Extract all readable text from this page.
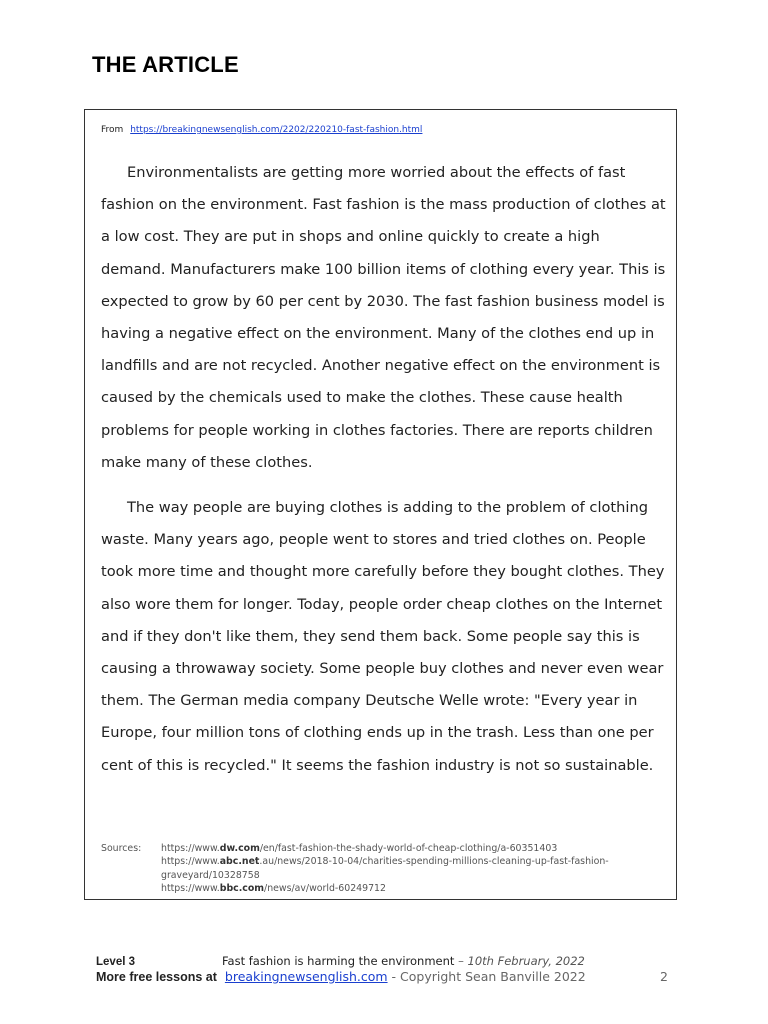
THE ARTICLE
From https://breakingnewsenglish.com/2202/220210-fast-fashion.html

Environmentalists are getting more worried about the effects of fast fashion on the environment. Fast fashion is the mass production of clothes at a low cost. They are put in shops and online quickly to create a high demand. Manufacturers make 100 billion items of clothing every year. This is expected to grow by 60 per cent by 2030. The fast fashion business model is having a negative effect on the environment. Many of the clothes end up in landfills and are not recycled. Another negative effect on the environment is caused by the chemicals used to make the clothes. These cause health problems for people working in clothes factories. There are reports children make many of these clothes.

The way people are buying clothes is adding to the problem of clothing waste. Many years ago, people went to stores and tried clothes on. People took more time and thought more carefully before they bought clothes. They also wore them for longer. Today, people order cheap clothes on the Internet and if they don't like them, they send them back. Some people say this is causing a throwaway society. Some people buy clothes and never even wear them. The German media company Deutsche Welle wrote: "Every year in Europe, four million tons of clothing ends up in the trash. Less than one per cent of this is recycled." It seems the fashion industry is not so sustainable.

Sources:	https://www.dw.com/en/fast-fashion-the-shady-world-of-cheap-clothing/a-60351403
https://www.abc.net.au/news/2018-10-04/charities-spending-millions-cleaning-up-fast-fashion-graveyard/10328758
https://www.bbc.com/news/av/world-60249712
Level 3	Fast fashion is harming the environment – 10th February, 2022
More free lessons at breakingnewsenglish.com - Copyright Sean Banville 2022	2
